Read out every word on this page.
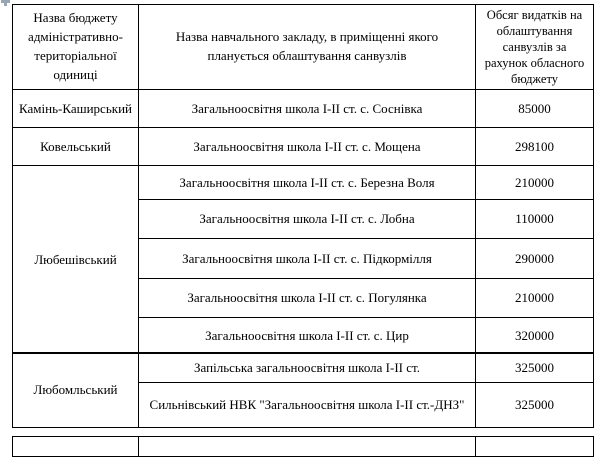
Назва бюджету адміністративно-територіальної одиниці	Назва навчального закладу, в приміщенні якого планується облаштування санвузлів	Обсяг видатків на облаштування санвузлів за рахунок обласного бюджету
Камінь-Каширський	Загальноосвітня школа І-ІІ ст. с. Соснівка	85000
Ковельський	Загальноосвітня школа І-ІІ ст. с. Мощена	298100
Любешівський	Загальноосвітня школа І-ІІ ст. с. Березна Воля	210000
	Загальноосвітня школа І-ІІ ст. с. Лобна	110000
	Загальноосвітня школа І-ІІ ст. с. Підкормілля	290000
	Загальноосвітня школа І-ІІ ст. с. Погулянка	210000
	Загальноосвітня школа І-ІІ ст. с. Цир	320000
Любомльський	Запільська загальноосвітня школа І-ІІ ст.	325000
	Сильнівський НВК "Загальноосвітня школа І-ІІ ст.-ДНЗ"	325000
